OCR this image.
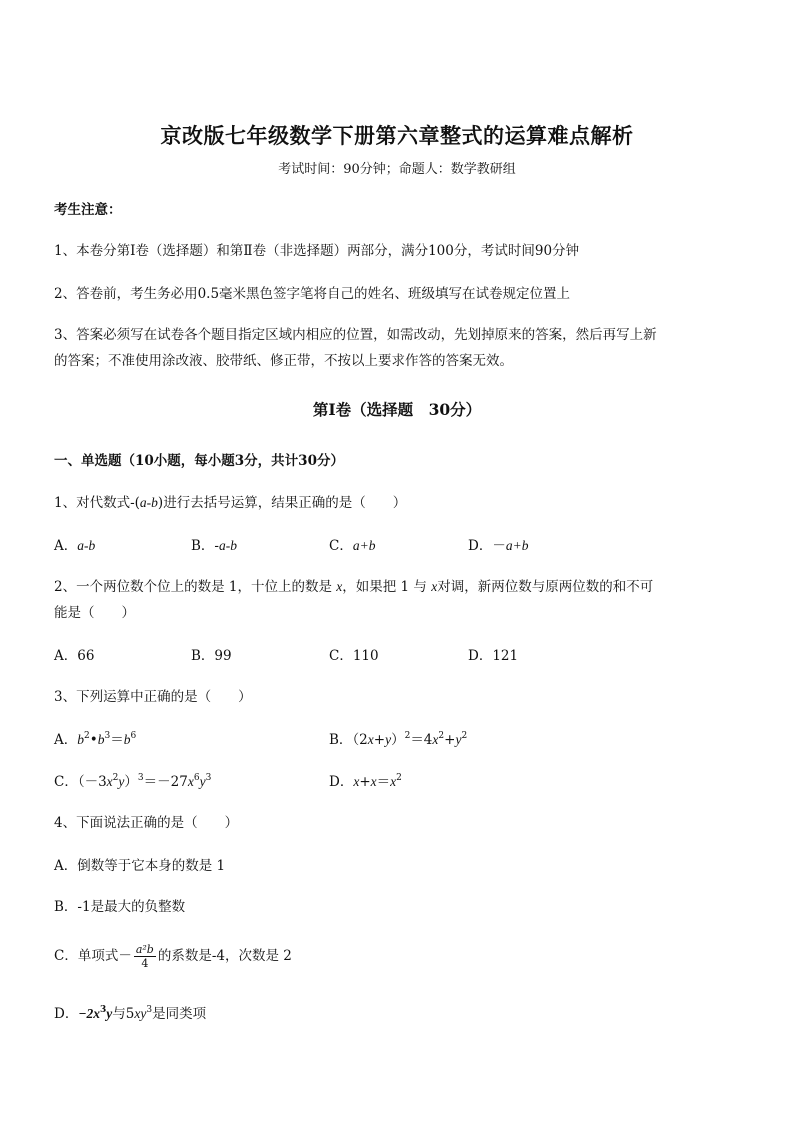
京改版七年级数学下册第六章整式的运算难点解析
考试时间：90分钟；命题人：数学教研组
考生注意：
1、本卷分第Ⅰ卷（选择题）和第Ⅱ卷（非选择题）两部分，满分100分，考试时间90分钟
2、答卷前，考生务必用0.5毫米黑色签字笔将自己的姓名、班级填写在试卷规定位置上
3、答案必须写在试卷各个题目指定区域内相应的位置，如需改动，先划掉原来的答案，然后再写上新
的答案；不准使用涂改液、胶带纸、修正带，不按以上要求作答的答案无效。
第Ⅰ卷（选择题　30分）
一、单选题（10小题，每小题3分，共计30分）
1、对代数式-(a-b)进行去括号运算，结果正确的是（　　）
A．a-b	B．-a-b	C．a+b	D．－a+b
2、一个两位数个位上的数是 1，十位上的数是 x，如果把 1 与 x对调，新两位数与原两位数的和不可
能是（　　）
A．66	B．99	C．110	D．121
3、下列运算中正确的是（　　）
A．$b^2•b^3=b^6$	B．$(2x+y)^2=4x^2+y^2$
C．$(-3x^2y)^3=-27x^6y^3$	D．$x+x=x^2$
4、下面说法正确的是（　　）
A．倒数等于它本身的数是 1
B．-1是最大的负整数
C．单项式－ $\frac{\text{a²b}}{4}$ 的系数是-4，次数是 2
D．$-2x^3y$与$5xy^3$是同类项
